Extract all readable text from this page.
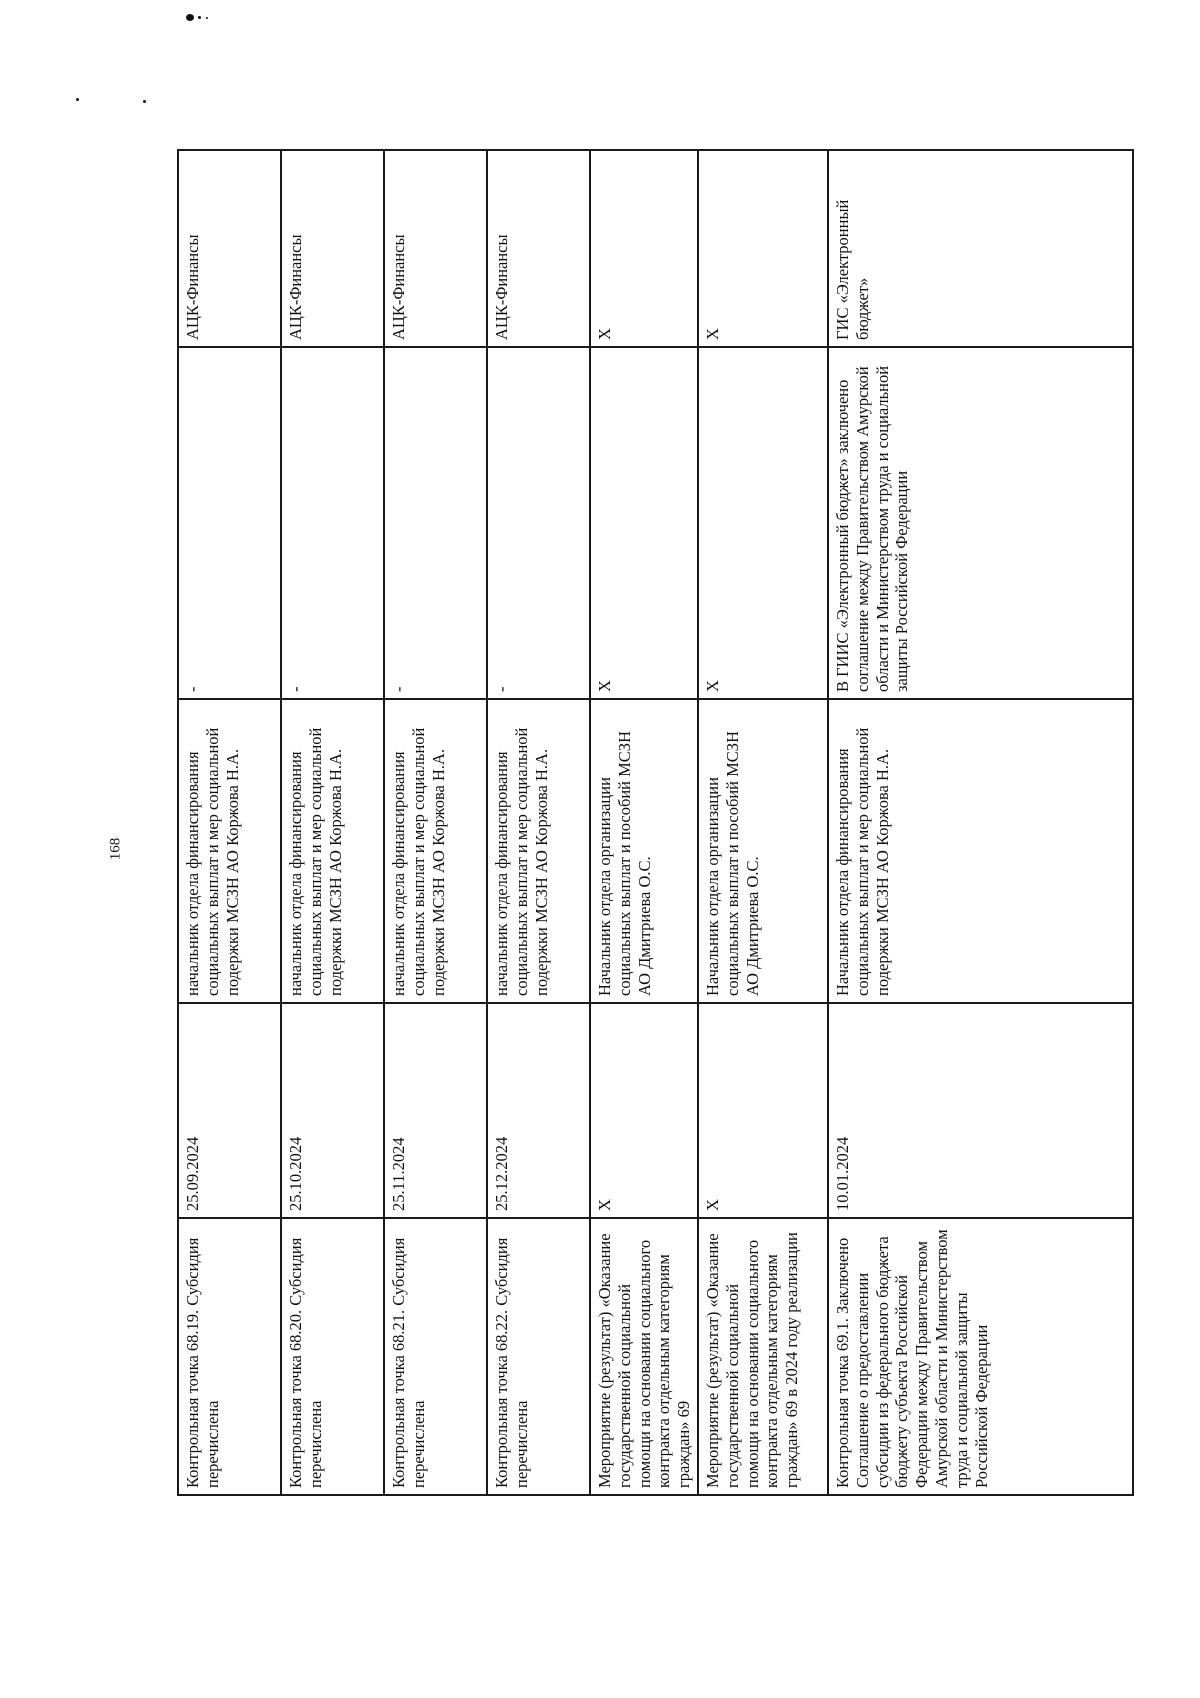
168
Контрольная точка 68.19. Субсидия перечислена	25.09.2024	начальник отдела финансирования социальных выплат и мер социальной подержки МСЗН АО Коржова Н.А.	-	АЦК-Финансы
Контрольная точка 68.20. Субсидия перечислена	25.10.2024	начальник отдела финансирования социальных выплат и мер социальной подержки МСЗН АО Коржова Н.А.	-	АЦК-Финансы
Контрольная точка 68.21. Субсидия перечислена	25.11.2024	начальник отдела финансирования социальных выплат и мер социальной подержки МСЗН АО Коржова Н.А.	-	АЦК-Финансы
Контрольная точка 68.22. Субсидия перечислена	25.12.2024	начальник отдела финансирования социальных выплат и мер социальной подержки МСЗН АО Коржова Н.А.	-	АЦК-Финансы
Мероприятие (результат) «Оказание государственной социальной помощи на основании социального контракта отдельным категориям граждан» 69	X	Начальник отдела организации социальных выплат и пособий МСЗН АО Дмитриева О.С.	X	X
Мероприятие (результат) «Оказание государственной социальной помощи на основании социального контракта отдельным категориям граждан» 69 в 2024 году реализации	X	Начальник отдела организации социальных выплат и пособий МСЗН АО Дмитриева О.С.	X	X
Контрольная точка 69.1. Заключено Соглашение о предоставлении субсидии из федерального бюджета бюджету субъекта Российской Федерации между Правительством Амурской области и Министерством труда и социальной защиты Российской Федерации	10.01.2024	Начальник отдела финансирования социальных выплат и мер социальной подержки МСЗН АО Коржова Н.А.	В ГИИС «Электронный бюджет» заключено соглашение между Правительством Амурской области и Министерством труда и социальной защиты Российской Федерации	ГИС «Электронный бюджет»
